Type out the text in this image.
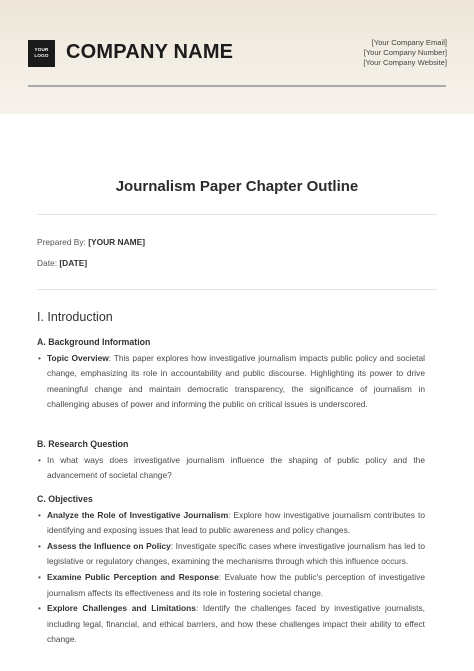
YOUR
LOGO COMPANY NAME	[Your Company Email]
[Your Company Number]
[Your Company Website]
Journalism Paper Chapter Outline
Prepared By: [YOUR NAME]
Date: [DATE]
I. Introduction
A. Background Information
• Topic Overview: This paper explores how investigative journalism impacts public policy and societal change, emphasizing its role in accountability and public discourse. Highlighting its power to drive meaningful change and maintain democratic transparency, the significance of journalism in challenging abuses of power and informing the public on critical issues is underscored.
B. Research Question
• In what ways does investigative journalism influence the shaping of public policy and the advancement of societal change?
C. Objectives
• Analyze the Role of Investigative Journalism: Explore how investigative journalism contributes to identifying and exposing issues that lead to public awareness and policy changes.
• Assess the Influence on Policy: Investigate specific cases where investigative journalism has led to legislative or regulatory changes, examining the mechanisms through which this influence occurs.
• Examine Public Perception and Response: Evaluate how the public's perception of investigative journalism affects its effectiveness and its role in fostering societal change.
• Explore Challenges and Limitations: Identify the challenges faced by investigative journalists, including legal, financial, and ethical barriers, and how these challenges impact their ability to effect change.
